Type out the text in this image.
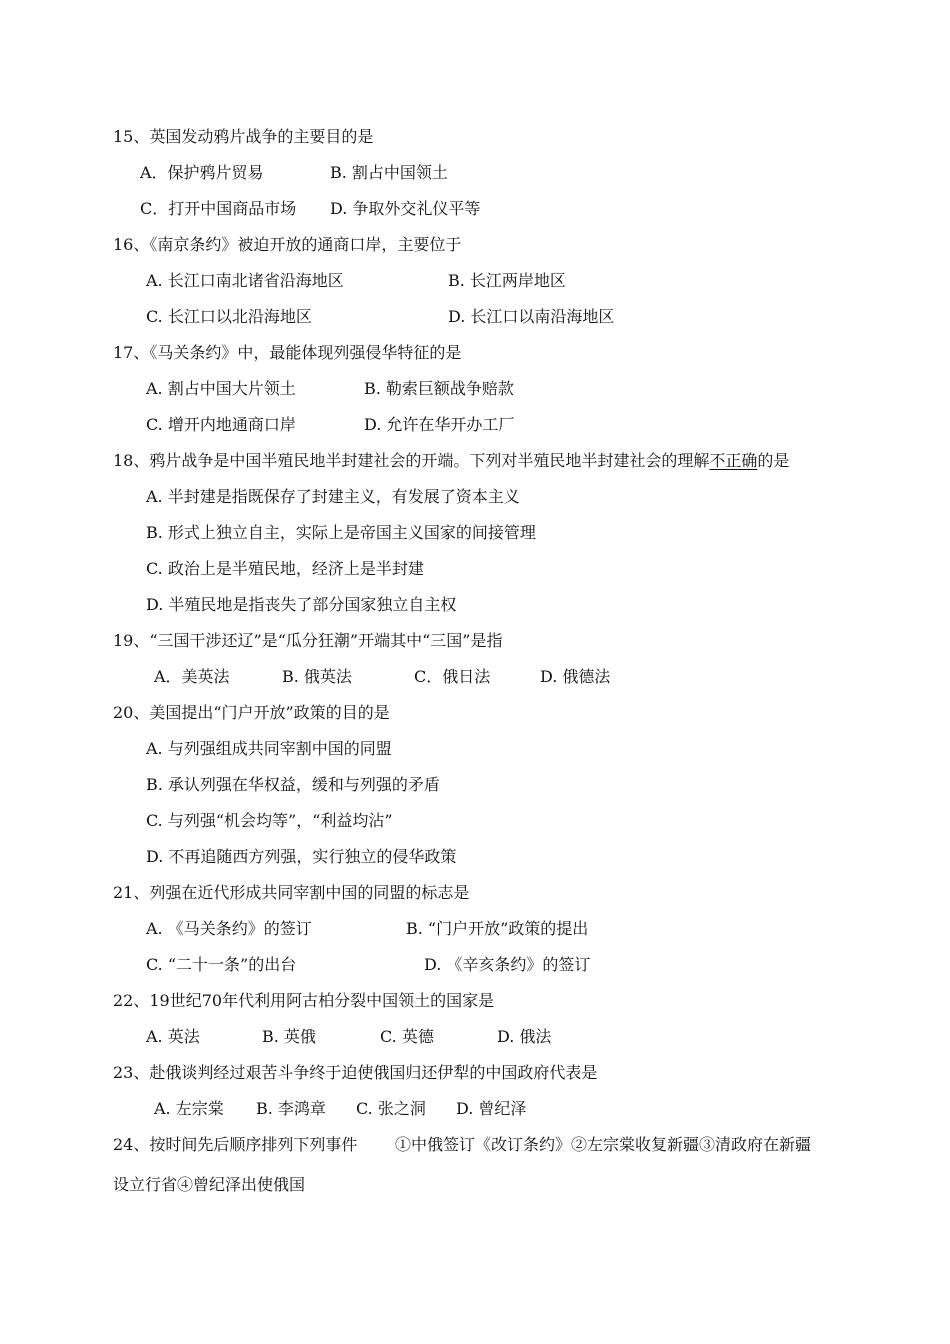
15、英国发动鸦片战争的主要目的是
A．保护鸦片贸易	B. 割占中国领土
C．打开中国商品市场 D. 争取外交礼仪平等
16、《南京条约》被迫开放的通商口岸，主要位于
A. 长江口南北诸省沿海地区	B. 长江两岸地区
C. 长江口以北沿海地区	D. 长江口以南沿海地区
17、《马关条约》中，最能体现列强侵华特征的是
A. 割占中国大片领土	B. 勒索巨额战争赔款
C. 增开内地通商口岸	D. 允许在华开办工厂
18、鸦片战争是中国半殖民地半封建社会的开端。下列对半殖民地半封建社会的理解不正确的是
A. 半封建是指既保存了封建主义，有发展了资本主义
B. 形式上独立自主，实际上是帝国主义国家的间接管理
C. 政治上是半殖民地，经济上是半封建
D. 半殖民地是指丧失了部分国家独立自主权
19、“三国干涉还辽”是“瓜分狂潮”开端其中“三国”是指
A．美英法	B. 俄英法	C．俄日法	D. 俄德法
20、美国提出“门户开放”政策的目的是
A. 与列强组成共同宰割中国的同盟
B. 承认列强在华权益，缓和与列强的矛盾
C. 与列强“机会均等”，“利益均沾”
D. 不再追随西方列强，实行独立的侵华政策
21、列强在近代形成共同宰割中国的同盟的标志是
A. 《马关条约》的签订	B. “门户开放”政策的提出
C. “二十一条”的出台	D. 《辛亥条约》的签订
22、19世纪70年代利用阿古柏分裂中国领土的国家是
A. 英法	B. 英俄	C. 英德	D. 俄法
23、赴俄谈判经过艰苦斗争终于迫使俄国归还伊犁的中国政府代表是
A. 左宗棠 B. 李鸿章 C. 张之洞 D. 曾纪泽
24、按时间先后顺序排列下列事件 ①中俄签订《改订条约》②左宗棠收复新疆③清政府在新疆
设立行省④曾纪泽出使俄国
